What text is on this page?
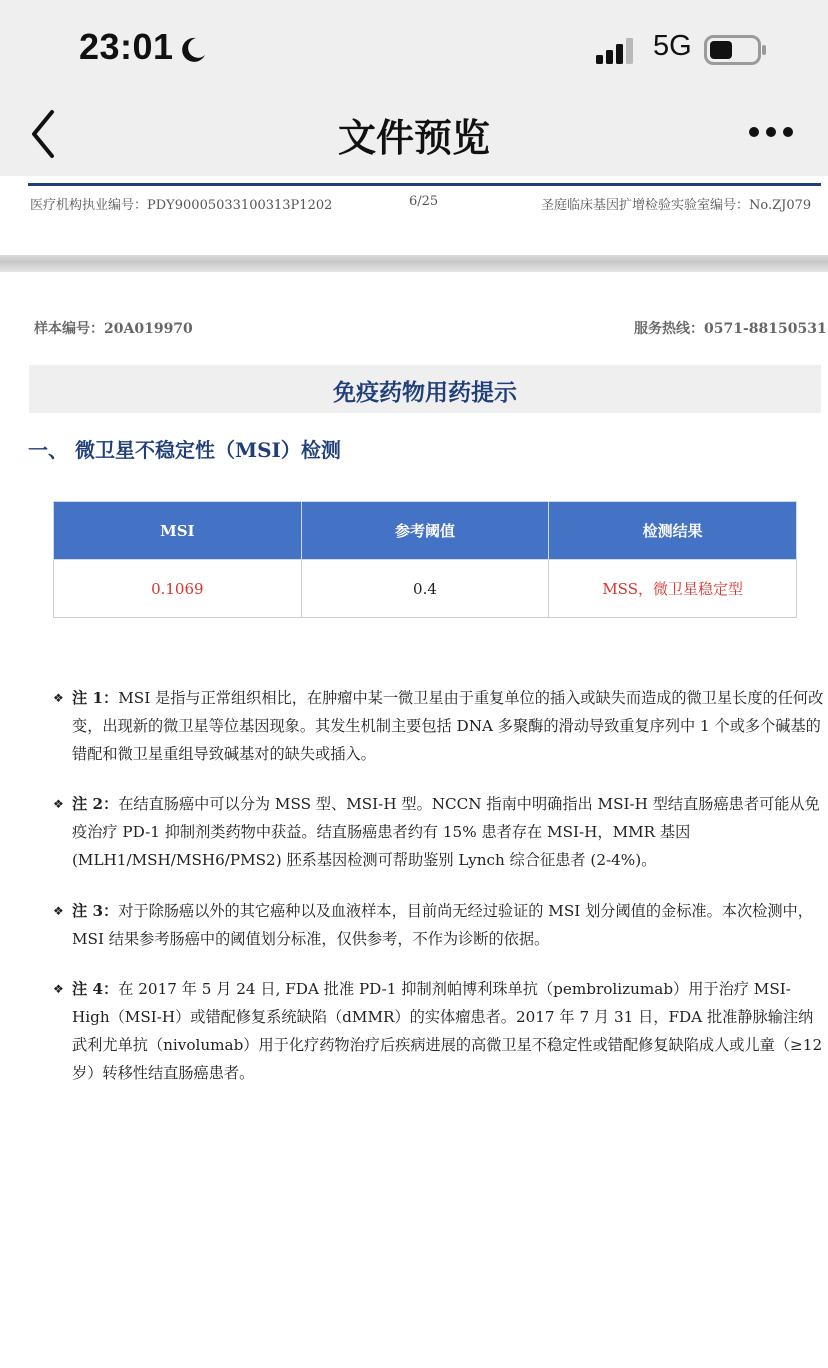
23:01	5G
文件预览
医疗机构执业编号：PDY90005033100313P1202	6/25	圣庭临床基因扩增检验实验室编号：No.ZJ079
样本编号：20A019970	服务热线：0571-88150531
免疫药物用药提示
一、 微卫星不稳定性（MSI）检测
MSI	参考阈值	检测结果
0.1069	0.4	MSS，微卫星稳定型
❖ 注 1：MSI 是指与正常组织相比，在肿瘤中某一微卫星由于重复单位的插入或缺失而造成的微卫星长度的任何改变，出现新的微卫星等位基因现象。其发生机制主要包括 DNA 多聚酶的滑动导致重复序列中 1 个或多个碱基的错配和微卫星重组导致碱基对的缺失或插入。
❖ 注 2：在结直肠癌中可以分为 MSS 型、MSI-H 型。NCCN 指南中明确指出 MSI-H 型结直肠癌患者可能从免疫治疗 PD-1 抑制剂类药物中获益。结直肠癌患者约有 15% 患者存在 MSI-H，MMR 基因(MLH1/MSH/MSH6/PMS2) 胚系基因检测可帮助鉴别 Lynch 综合征患者 (2-4%)。
❖ 注 3：对于除肠癌以外的其它癌种以及血液样本，目前尚无经过验证的 MSI 划分阈值的金标准。本次检测中，MSI 结果参考肠癌中的阈值划分标准，仅供参考，不作为诊断的依据。
❖ 注 4：在 2017 年 5 月 24 日, FDA 批准 PD-1 抑制剂帕博利珠单抗（pembrolizumab）用于治疗 MSI-High（MSI-H）或错配修复系统缺陷（dMMR）的实体瘤患者。2017 年 7 月 31 日，FDA 批准静脉输注纳武利尤单抗（nivolumab）用于化疗药物治疗后疾病进展的高微卫星不稳定性或错配修复缺陷成人或儿童（≥12 岁）转移性结直肠癌患者。
